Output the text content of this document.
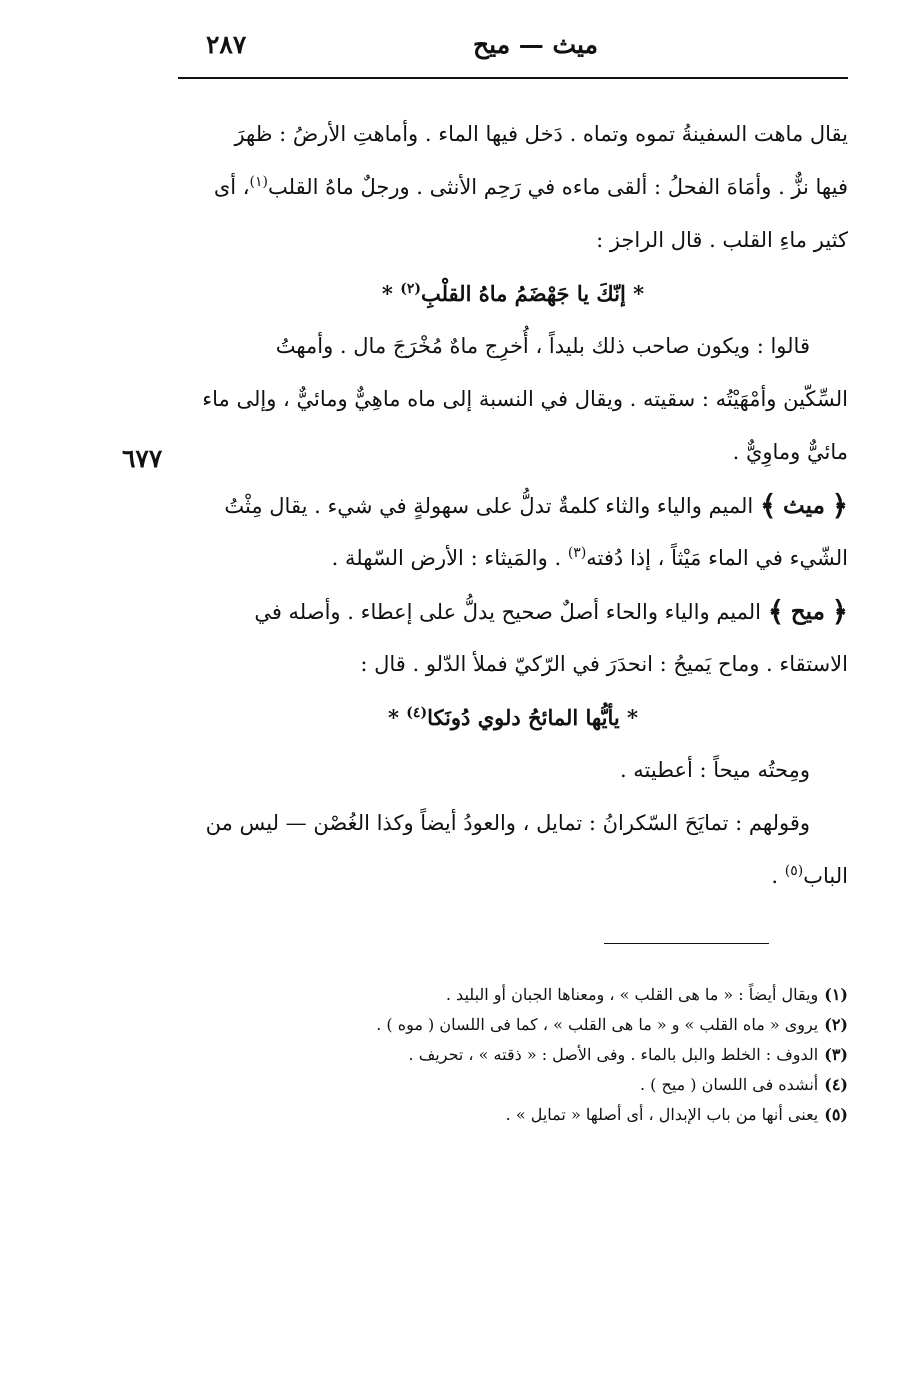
ميث — ميح
٢٨٧
٦٧٧
يقال ماهت السفينةُ تموه وتماه . دَخل فيها الماء . وأماهتِ الأرضُ : ظهرَ
فيها نزٌّ . وأمَاهَ الفحلُ : ألقى ماءه في رَحِم الأنثى . ورجلٌ ماهُ القلب$^{(١)}$، أى
كثير ماءِ القلب . قال الراجز :
* إنّكَ يا جَهْضَمُ ماهُ القلْبِ$^{(٢)}$ *
قالوا : ويكون صاحب ذلك بليداً ، أُخرِج ماهٌ مُخْرَجَ مال . وأمهتُ
السِّكّين وأمْهَيْتُه : سقيته . ويقال في النسبة إلى ماه ماهِيٌّ ومائيٌّ ، وإلى ماء
مائيٌّ وماوِيٌّ .
﴿ ميث ﴾ الميم والياء والثاء كلمةٌ تدلُّ على سهولةٍ في شيء . يقال مِثْتُ
الشّيء في الماء مَيْثاً ، إذا دُفته$^{(٣)}$ . والمَيثاء : الأرض السّهلة .
﴿ ميح ﴾ الميم والياء والحاء أصلٌ صحيح يدلُّ على إعطاء . وأصله في
الاستقاء . وماح يَميحُ : انحدَرَ في الرّكيّ فملأ الدّلو . قال :
* يأيُّها المائحُ دلوي دُونَكا$^{(٤)}$ *
ومِحتُه ميحاً : أعطيته .
وقولهم : تمايَحَ السّكرانُ : تمايل ، والعودُ أيضاً وكذا الغُصْن — ليس من
الباب$^{(٥)}$ .
(١)ويقال أيضاً : « ما هى القلب » ، ومعناها الجبان أو البليد .
(٢)يروى « ماه القلب » و « ما هى القلب » ، كما فى اللسان ( موه ) .
(٣)الدوف : الخلط والبل بالماء . وفى الأصل : « ذقته » ، تحريف .
(٤)أنشده فى اللسان ( ميح ) .
(٥)يعنى أنها من باب الإبدال ، أى أصلها « تمايل » .
